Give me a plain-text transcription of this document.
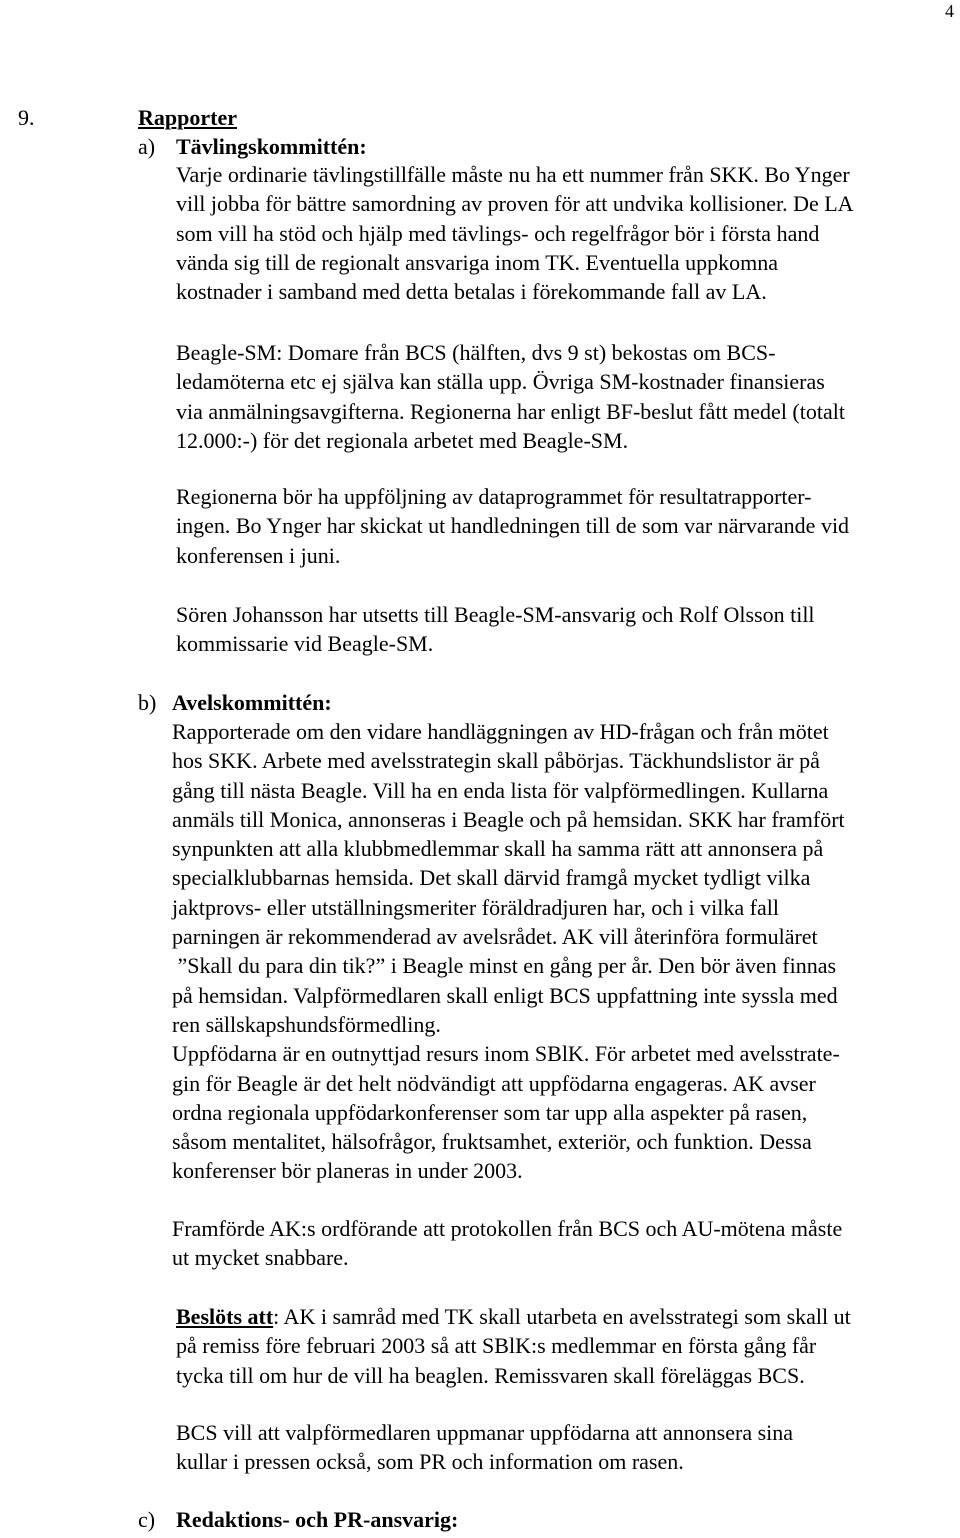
4
9.	Rapporter
a) Tävlingskommittén:
Varje ordinarie tävlingstillfälle måste nu ha ett nummer från SKK. Bo Ynger
vill jobba för bättre samordning av proven för att undvika kollisioner. De LA
som vill ha stöd och hjälp med tävlings- och regelfrågor bör i första hand
vända sig till de regionalt ansvariga inom TK. Eventuella uppkomna
kostnader i samband med detta betalas i förekommande fall av LA.
Beagle-SM: Domare från BCS (hälften, dvs 9 st) bekostas om BCS-
ledamöterna etc ej själva kan ställa upp. Övriga SM-kostnader finansieras
via anmälningsavgifterna. Regionerna har enligt BF-beslut fått medel (totalt
12.000:-) för det regionala arbetet med Beagle-SM.
Regionerna bör ha uppföljning av dataprogrammet för resultatrapporter-
ingen. Bo Ynger har skickat ut handledningen till de som var närvarande vid
konferensen i juni.
Sören Johansson har utsetts till Beagle-SM-ansvarig och Rolf Olsson till
kommissarie vid Beagle-SM.
b) Avelskommittén:
Rapporterade om den vidare handläggningen av HD-frågan och från mötet
hos SKK. Arbete med avelsstrategin skall påbörjas. Täckhundslistor är på
gång till nästa Beagle. Vill ha en enda lista för valpförmedlingen. Kullarna
anmäls till Monica, annonseras i Beagle och på hemsidan. SKK har framfört
synpunkten att alla klubbmedlemmar skall ha samma rätt att annonsera på
specialklubbarnas hemsida. Det skall därvid framgå mycket tydligt vilka
jaktprovs- eller utställningsmeriter föräldradjuren har, och i vilka fall
parningen är rekommenderad av avelsrådet. AK vill återinföra formuläret
”Skall du para din tik?” i Beagle minst en gång per år. Den bör även finnas
på hemsidan. Valpförmedlaren skall enligt BCS uppfattning inte syssla med
ren sällskapshundsförmedling.
Uppfödarna är en outnyttjad resurs inom SBlK. För arbetet med avelsstrate-
gin för Beagle är det helt nödvändigt att uppfödarna engageras. AK avser
ordna regionala uppfödarkonferenser som tar upp alla aspekter på rasen,
såsom mentalitet, hälsofrågor, fruktsamhet, exteriör, och funktion. Dessa
konferenser bör planeras in under 2003.
Framförde AK:s ordförande att protokollen från BCS och AU-mötena måste
ut mycket snabbare.
Beslöts att: AK i samråd med TK skall utarbeta en avelsstrategi som skall ut
på remiss före februari 2003 så att SBlK:s medlemmar en första gång får
tycka till om hur de vill ha beaglen. Remissvaren skall föreläggas BCS.
BCS vill att valpförmedlaren uppmanar uppfödarna att annonsera sina
kullar i pressen också, som PR och information om rasen.
c) Redaktions- och PR-ansvarig:
